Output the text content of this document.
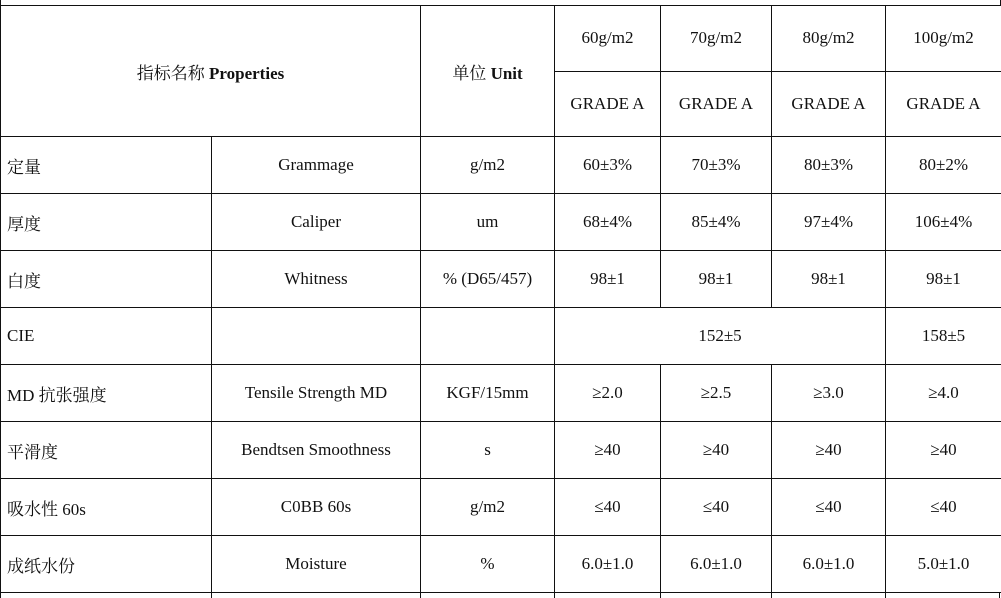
指标名称 Properties		单位 Unit	60g/m2	70g/m2	80g/m2	100g/m2
			GRADE A	GRADE A	GRADE A	GRADE A
定量	Grammage	g/m2	60±3%	70±3%	80±3%	80±2%
厚度	Caliper	um	68±4%	85±4%	97±4%	106±4%
白度	Whitness	% (D65/457)	98±1	98±1	98±1	98±1
CIE			152±5			158±5
MD 抗张强度	Tensile Strength MD	KGF/15mm	≥2.0	≥2.5	≥3.0	≥4.0
平滑度	Bendtsen Smoothness	s	≥40	≥40	≥40	≥40
吸水性 60s	C0BB 60s	g/m2	≤40	≤40	≤40	≤40
成纸水份	Moisture	%	6.0±1.0	6.0±1.0	6.0±1.0	5.0±1.0
